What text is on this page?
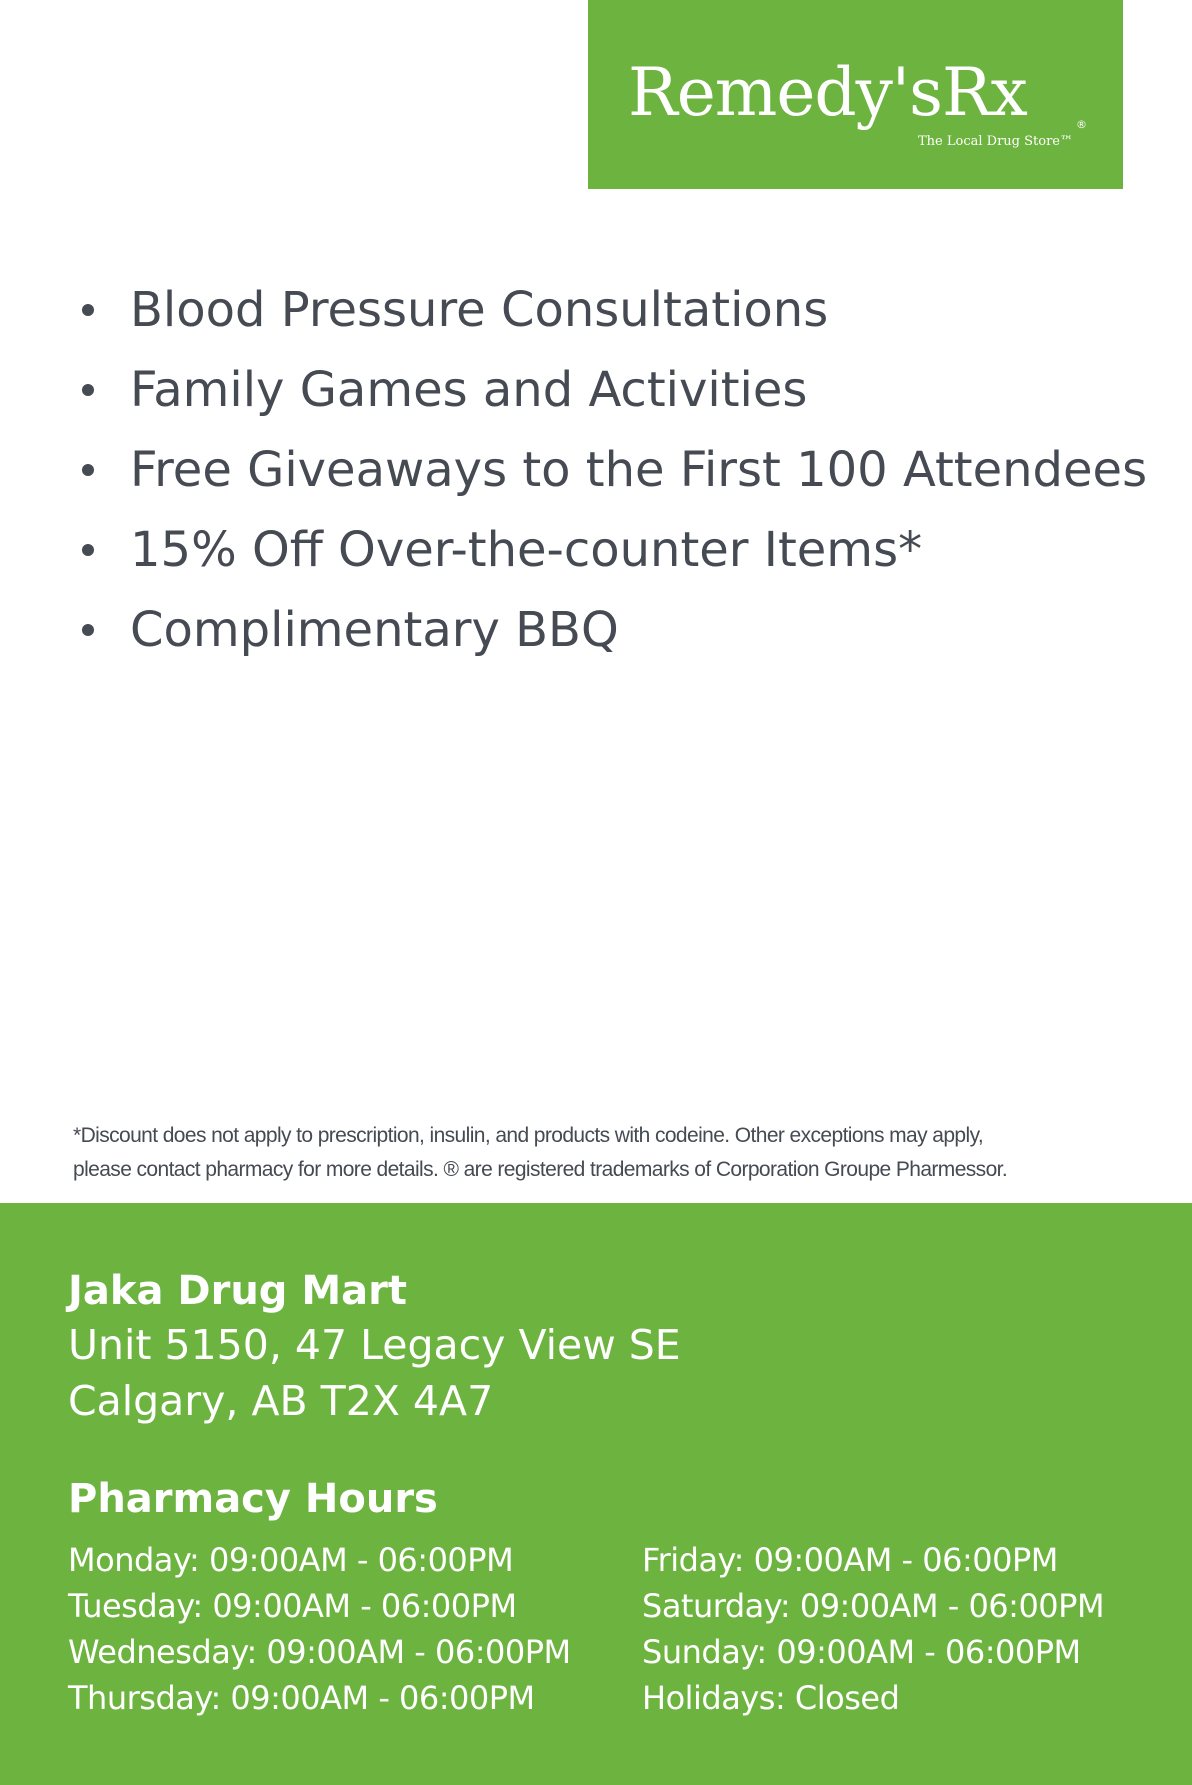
Remedy'sRx	®
The Local Drug Store™
Blood Pressure Consultations
Family Games and Activities
Free Giveaways to the First 100 Attendees
15% Off Over-the-counter Items*
Complimentary BBQ
*Discount does not apply to prescription, insulin, and products with codeine. Other exceptions may apply,
please contact pharmacy for more details. ® are registered trademarks of Corporation Groupe Pharmessor.
Jaka Drug Mart
Unit 5150, 47 Legacy View SE
Calgary, AB T2X 4A7
Pharmacy Hours
Monday: 09:00AM - 06:00PM
Tuesday: 09:00AM - 06:00PM
Wednesday: 09:00AM - 06:00PM
Thursday: 09:00AM - 06:00PM
Friday: 09:00AM - 06:00PM
Saturday: 09:00AM - 06:00PM
Sunday: 09:00AM - 06:00PM
Holidays: Closed
